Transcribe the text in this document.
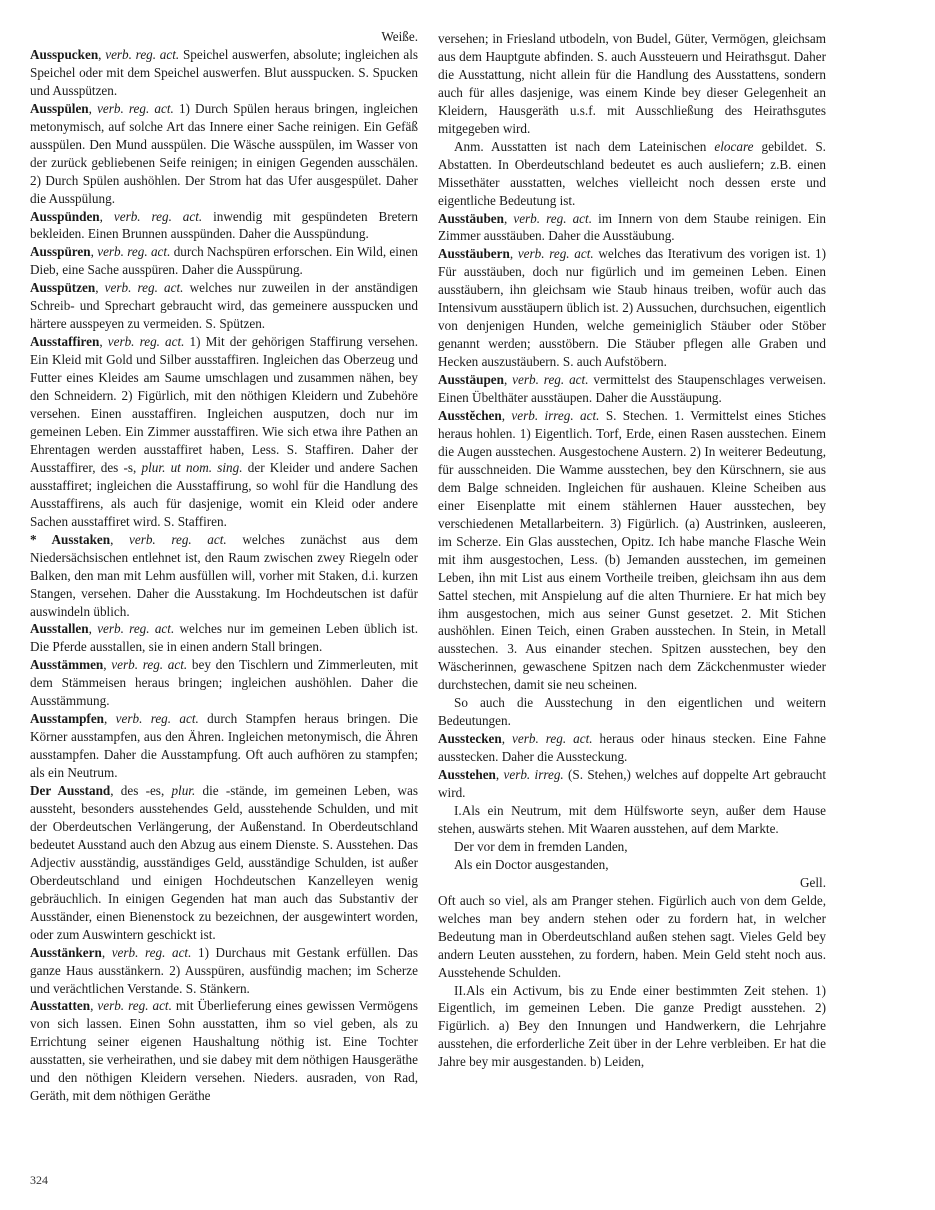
Weiße.

Ausspucken, verb. reg. act. Speichel auswerfen, absolute; ingleichen als Speichel oder mit dem Speichel auswerfen. Blut ausspucken. S. Spucken und Ausspützen.

Ausspülen, verb. reg. act. 1) Durch Spülen heraus bringen, ingleichen metonymisch, auf solche Art das Innere einer Sache reinigen. Ein Gefäß ausspülen. Den Mund ausspülen. Die Wäsche ausspülen, im Wasser von der zurück gebliebenen Seife reinigen; in einigen Gegenden ausschälen. 2) Durch Spülen aushöhlen. Der Strom hat das Ufer ausgespület. Daher die Ausspülung.

Ausspünden, verb. reg. act. inwendig mit gespündeten Bretern bekleiden. Einen Brunnen ausspünden. Daher die Ausspündung.

Ausspüren, verb. reg. act. durch Nachspüren erforschen. Ein Wild, einen Dieb, eine Sache ausspüren. Daher die Ausspürung.

Ausspützen, verb. reg. act. welches nur zuweilen in der anständigen Schreib- und Sprechart gebraucht wird, das gemeinere ausspucken und härtere ausspeyen zu vermeiden. S. Spützen.

Ausstaffiren, verb. reg. act. 1) Mit der gehörigen Staffirung versehen. Ein Kleid mit Gold und Silber ausstaffiren. Ingleichen das Oberzeug und Futter eines Kleides am Saume umschlagen und zusammen nähen, bey den Schneidern. 2) Figürlich, mit den nöthigen Kleidern und Zubehöre versehen. Einen ausstaffiren. Ingleichen ausputzen, doch nur im gemeinen Leben. Ein Zimmer ausstaffiren. Wie sich etwa ihre Pathen an Ehrentagen werden ausstaffiret haben, Less. S. Staffiren. Daher der Ausstaffirer, des -s, plur. ut nom. sing. der Kleider und andere Sachen ausstaffiret; ingleichen die Ausstaffirung, so wohl für die Handlung des Ausstaffirens, als auch für dasjenige, womit ein Kleid oder andere Sachen ausstaffiret wird. S. Staffiren.

* Ausstaken, verb. reg. act. welches zunächst aus dem Niedersächsischen entlehnet ist, den Raum zwischen zwey Riegeln oder Balken, den man mit Lehm ausfüllen will, vorher mit Staken, d.i. kurzen Stangen, versehen. Daher die Ausstakung. Im Hochdeutschen ist dafür auswindeln üblich.

Ausstallen, verb. reg. act. welches nur im gemeinen Leben üblich ist. Die Pferde ausstallen, sie in einen andern Stall bringen.

Ausstämmen, verb. reg. act. bey den Tischlern und Zimmerleuten, mit dem Stämmeisen heraus bringen; ingleichen aushöhlen. Daher die Ausstämmung.

Ausstampfen, verb. reg. act. durch Stampfen heraus bringen. Die Körner ausstampfen, aus den Ähren. Ingleichen metonymisch, die Ähren ausstampfen. Daher die Ausstampfung. Oft auch aufhören zu stampfen; als ein Neutrum.

Der Ausstand, des -es, plur. die -stände, im gemeinen Leben, was aussteht, besonders ausstehendes Geld, ausstehende Schulden, und mit der Oberdeutschen Verlängerung, der Außenstand. In Oberdeutschland bedeutet Ausstand auch den Abzug aus einem Dienste. S. Ausstehen. Das Adjectiv ausständig, ausständiges Geld, ausständige Schulden, ist außer Oberdeutschland und einigen Hochdeutschen Kanzelleyen wenig gebräuchlich. In einigen Gegenden hat man auch das Substantiv der Ausständer, einen Bienenstock zu bezeichnen, der ausgewintert worden, oder zum Auswintern geschickt ist.

Ausstänkern, verb. reg. act. 1) Durchaus mit Gestank erfüllen. Das ganze Haus ausstänkern. 2) Ausspüren, ausfündig machen; im Scherze und verächtlichen Verstande. S. Stänkern.

Ausstatten, verb. reg. act. mit Überlieferung eines gewissen Vermögens von sich lassen. Einen Sohn ausstatten, ihm so viel geben, als zu Errichtung seiner eigenen Haushaltung nöthig ist. Eine Tochter ausstatten, sie verheirathen, und sie dabey mit dem nöthigen Hausgeräthe und den nöthigen Kleidern versehen. Nieders. ausraden, von Rad, Geräth, mit dem nöthigen Geräthe

versehen; in Friesland utbodeln, von Budel, Güter, Vermögen, gleichsam aus dem Hauptgute abfinden. S. auch Aussteuern und Heirathsgut. Daher die Ausstattung, nicht allein für die Handlung des Ausstattens, sondern auch für alles dasjenige, was einem Kinde bey dieser Gelegenheit an Kleidern, Hausgeräth u.s.f. mit Ausschließung des Heirathsgutes mitgegeben wird.

Anm. Ausstatten ist nach dem Lateinischen elocare gebildet. S. Abstatten. In Oberdeutschland bedeutet es auch ausliefern; z.B. einen Missethäter ausstatten, welches vielleicht noch dessen erste und eigentliche Bedeutung ist.

Ausstäuben, verb. reg. act. im Innern von dem Staube reinigen. Ein Zimmer ausstäuben. Daher die Ausstäubung.

Ausstäubern, verb. reg. act. welches das Iterativum des vorigen ist. 1) Für ausstäuben, doch nur figürlich und im gemeinen Leben. Einen ausstäubern, ihn gleichsam wie Staub hinaus treiben, wofür auch das Intensivum ausstäupern üblich ist. 2) Aussuchen, durchsuchen, eigentlich von denjenigen Hunden, welche gemeiniglich Stäuber oder Stöber genannt werden; ausstöbern. Die Stäuber pflegen alle Graben und Hecken auszustäubern. S. auch Aufstöbern.

Ausstäupen, verb. reg. act. vermittelst des Staupenschlages verweisen. Einen Übelthäter ausstäupen. Daher die Ausstäupung.

Ausstĕchen, verb. irreg. act. S. Stechen. 1. Vermittelst eines Stiches heraus hohlen. 1) Eigentlich. Torf, Erde, einen Rasen ausstechen. Einem die Augen ausstechen. Ausgestochene Austern. 2) In weiterer Bedeutung, für ausschneiden. Die Wamme ausstechen, bey den Kürschnern, sie aus dem Balge schneiden. Ingleichen für aushauen. Kleine Scheiben aus einer Eisenplatte mit einem stählernen Hauer ausstechen, bey verschiedenen Metallarbeitern. 3) Figürlich. (a) Austrinken, ausleeren, im Scherze. Ein Glas ausstechen, Opitz. Ich habe manche Flasche Wein mit ihm ausgestochen, Less. (b) Jemanden ausstechen, im gemeinen Leben, ihn mit List aus einem Vortheile treiben, gleichsam ihn aus dem Sattel stechen, mit Anspielung auf die alten Thurniere. Er hat mich bey ihm ausgestochen, mich aus seiner Gunst gesetzet. 2. Mit Stichen aushöhlen. Einen Teich, einen Graben ausstechen. In Stein, in Metall ausstechen. 3. Aus einander stechen. Spitzen ausstechen, bey den Wäscherinnen, gewaschene Spitzen nach dem Zäckchenmuster wieder durchstechen, damit sie neu scheinen.

So auch die Ausstechung in den eigentlichen und weitern Bedeutungen.

Ausstecken, verb. reg. act. heraus oder hinaus stecken. Eine Fahne ausstecken. Daher die Aussteckung.

Ausstehen, verb. irreg. (S. Stehen,) welches auf doppelte Art gebraucht wird.

I.Als ein Neutrum, mit dem Hülfsworte seyn, außer dem Hause stehen, auswärts stehen. Mit Waaren ausstehen, auf dem Markte.

Der vor dem in fremden Landen,

Als ein Doctor ausgestanden,

Gell.

Oft auch so viel, als am Pranger stehen. Figürlich auch von dem Gelde, welches man bey andern stehen oder zu fordern hat, in welcher Bedeutung man in Oberdeutschland außen stehen sagt. Vieles Geld bey andern Leuten ausstehen, zu fordern, haben. Mein Geld steht noch aus. Ausstehende Schulden.

II.Als ein Activum, bis zu Ende einer bestimmten Zeit stehen. 1) Eigentlich, im gemeinen Leben. Die ganze Predigt ausstehen. 2) Figürlich. a) Bey den Innungen und Handwerkern, die Lehrjahre ausstehen, die erforderliche Zeit über in der Lehre verbleiben. Er hat die Jahre bey mir ausgestanden. b) Leiden,

324
